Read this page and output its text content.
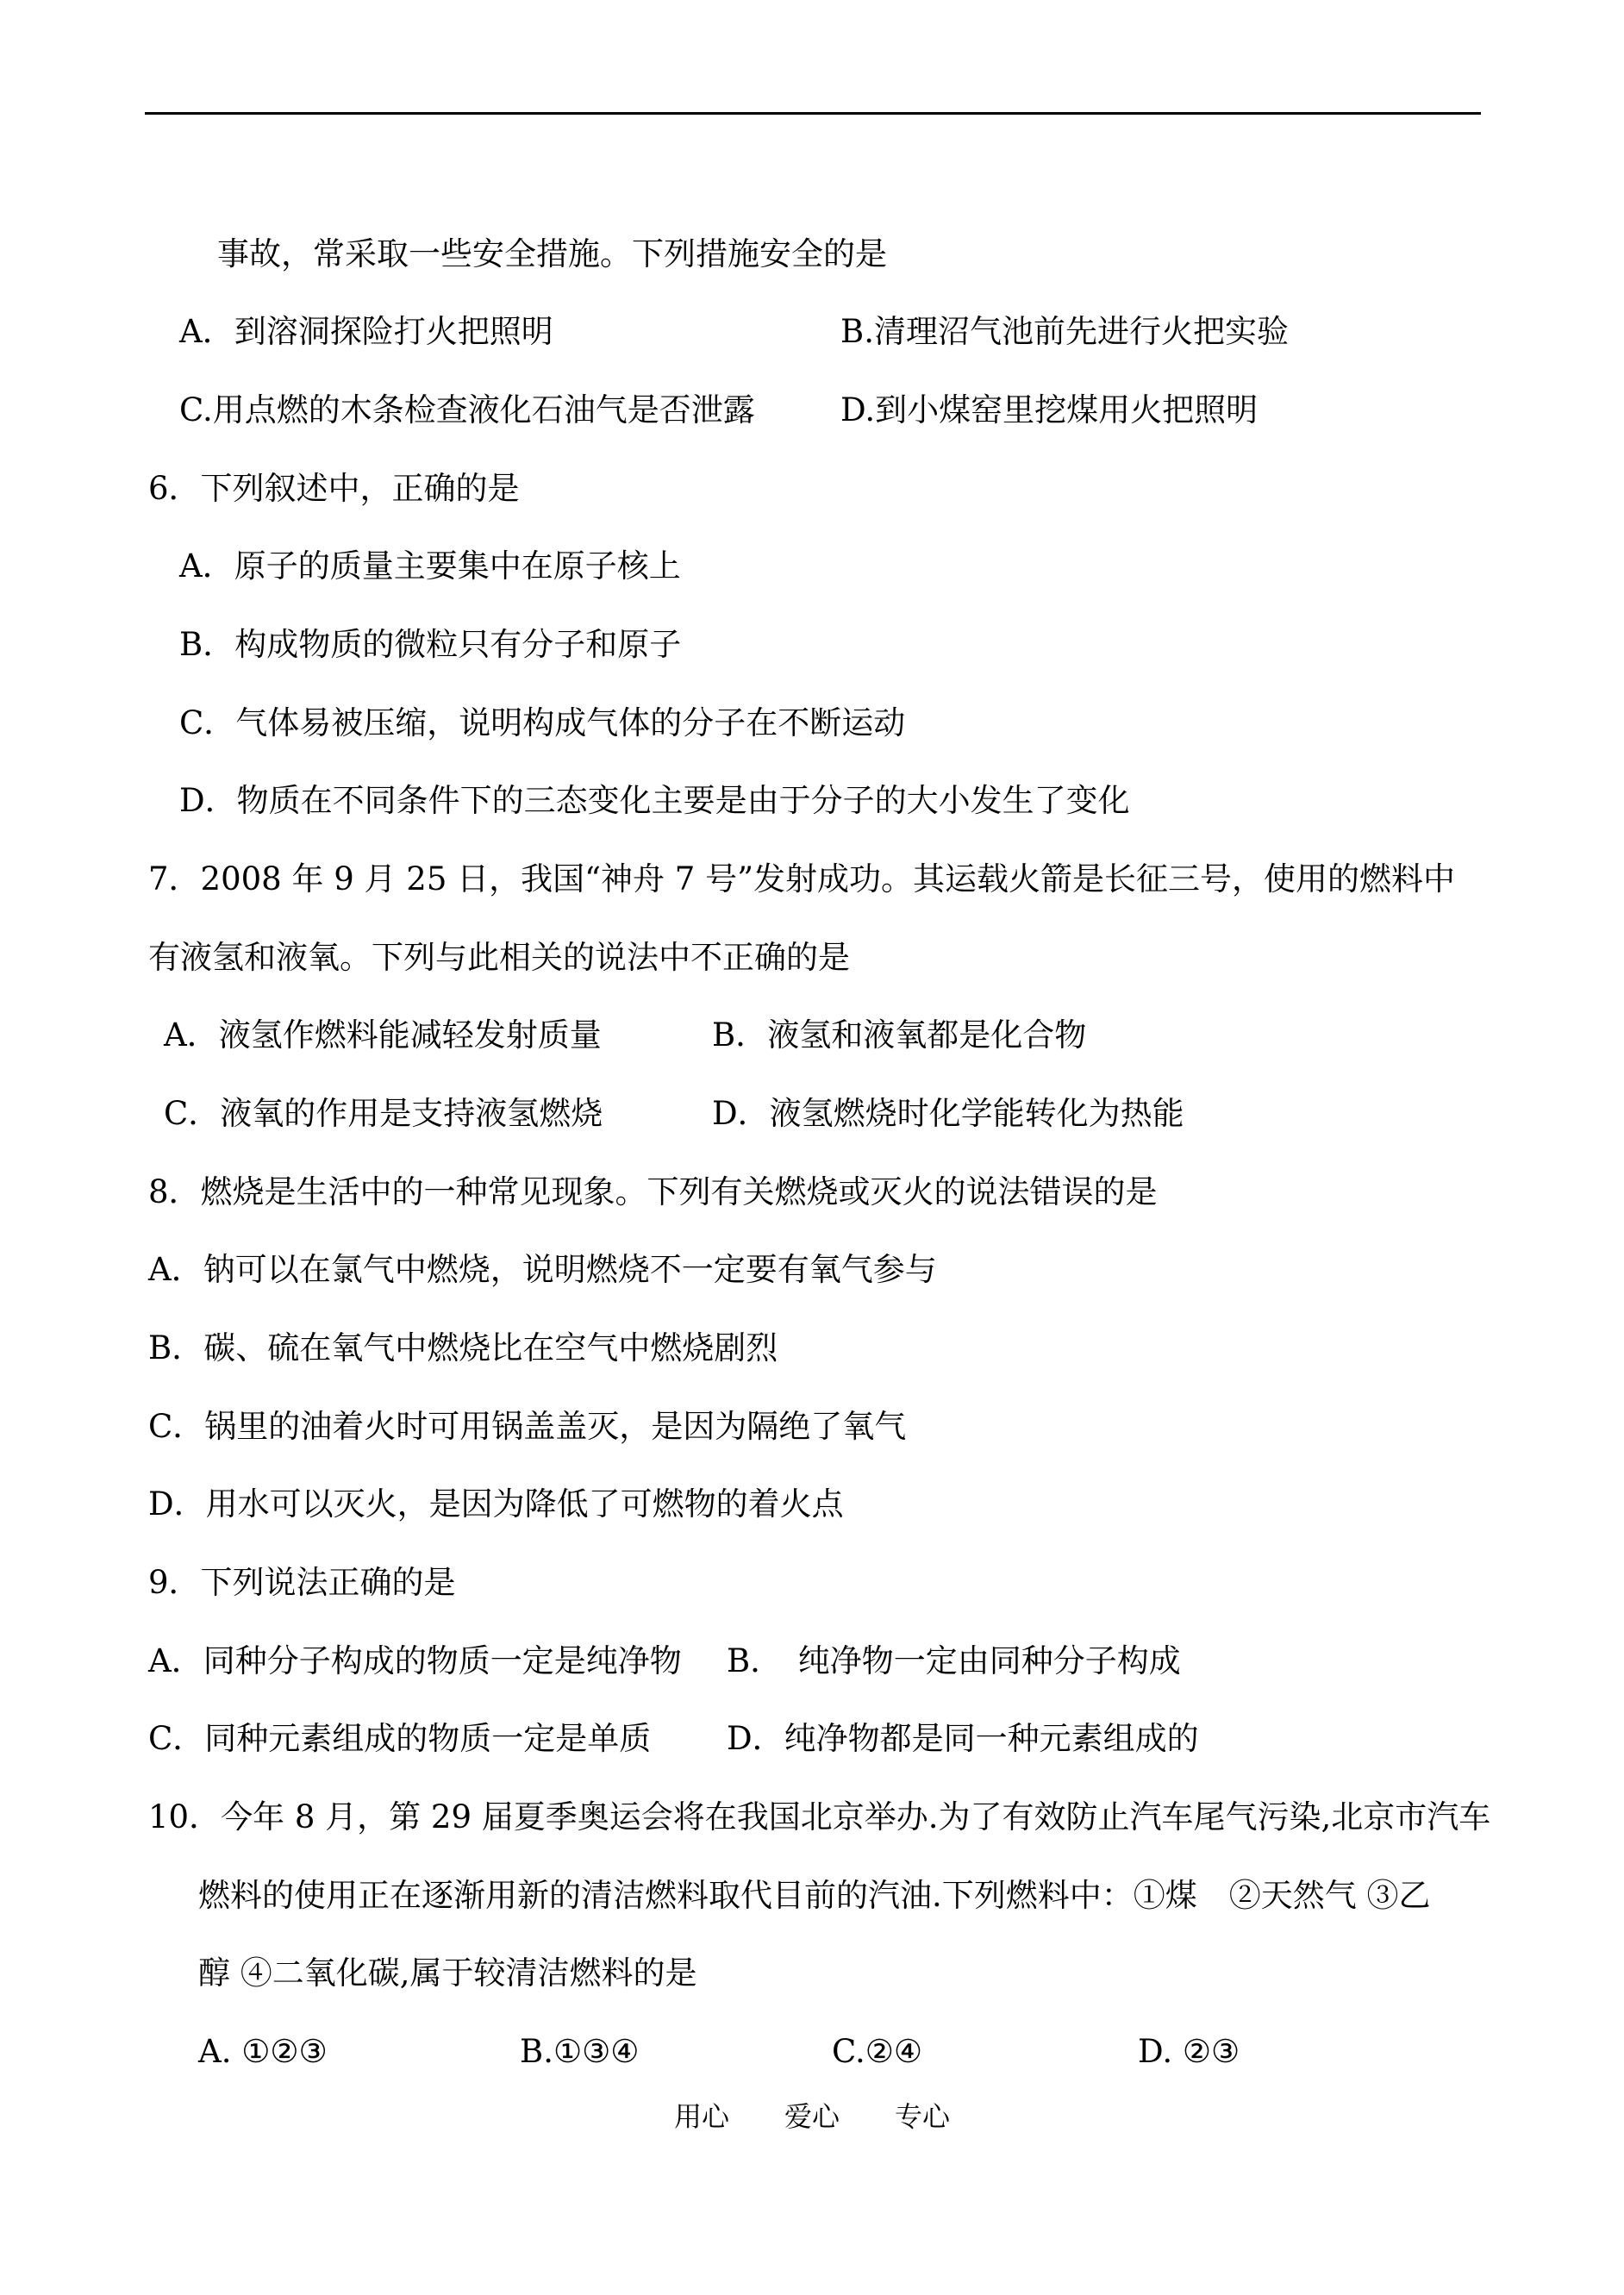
事故，常采取一些安全措施。下列措施安全的是
A．到溶洞探险打火把照明	B.清理沼气池前先进行火把实验
C.用点燃的木条检查液化石油气是否泄露	D.到小煤窑里挖煤用火把照明
6．下列叙述中，正确的是
A．原子的质量主要集中在原子核上
B．构成物质的微粒只有分子和原子
C．气体易被压缩，说明构成气体的分子在不断运动
D．物质在不同条件下的三态变化主要是由于分子的大小发生了变化
7．2008 年 9 月 25 日，我国“神舟 7 号”发射成功。其运载火箭是长征三号，使用的燃料中
有液氢和液氧。下列与此相关的说法中不正确的是
A．液氢作燃料能减轻发射质量	B．液氢和液氧都是化合物
C．液氧的作用是支持液氢燃烧	D．液氢燃烧时化学能转化为热能
8．燃烧是生活中的一种常见现象。下列有关燃烧或灭火的说法错误的是
A．钠可以在氯气中燃烧，说明燃烧不一定要有氧气参与
B．碳、硫在氧气中燃烧比在空气中燃烧剧烈
C．锅里的油着火时可用锅盖盖灭，是因为隔绝了氧气
D．用水可以灭火，是因为降低了可燃物的着火点
9．下列说法正确的是
A．同种分子构成的物质一定是纯净物 B．　纯净物一定由同种分子构成
C．同种元素组成的物质一定是单质 D．纯净物都是同一种元素组成的
10．今年 8 月，第 29 届夏季奥运会将在我国北京举办.为了有效防止汽车尾气污染,北京市汽车
燃料的使用正在逐渐用新的清洁燃料取代目前的汽油.下列燃料中：①煤　②天然气 ③乙
醇 ④二氧化碳,属于较清洁燃料的是
A. ①②③	B.①③④	C.②④	D. ②③
用心　　爱心　　专心
